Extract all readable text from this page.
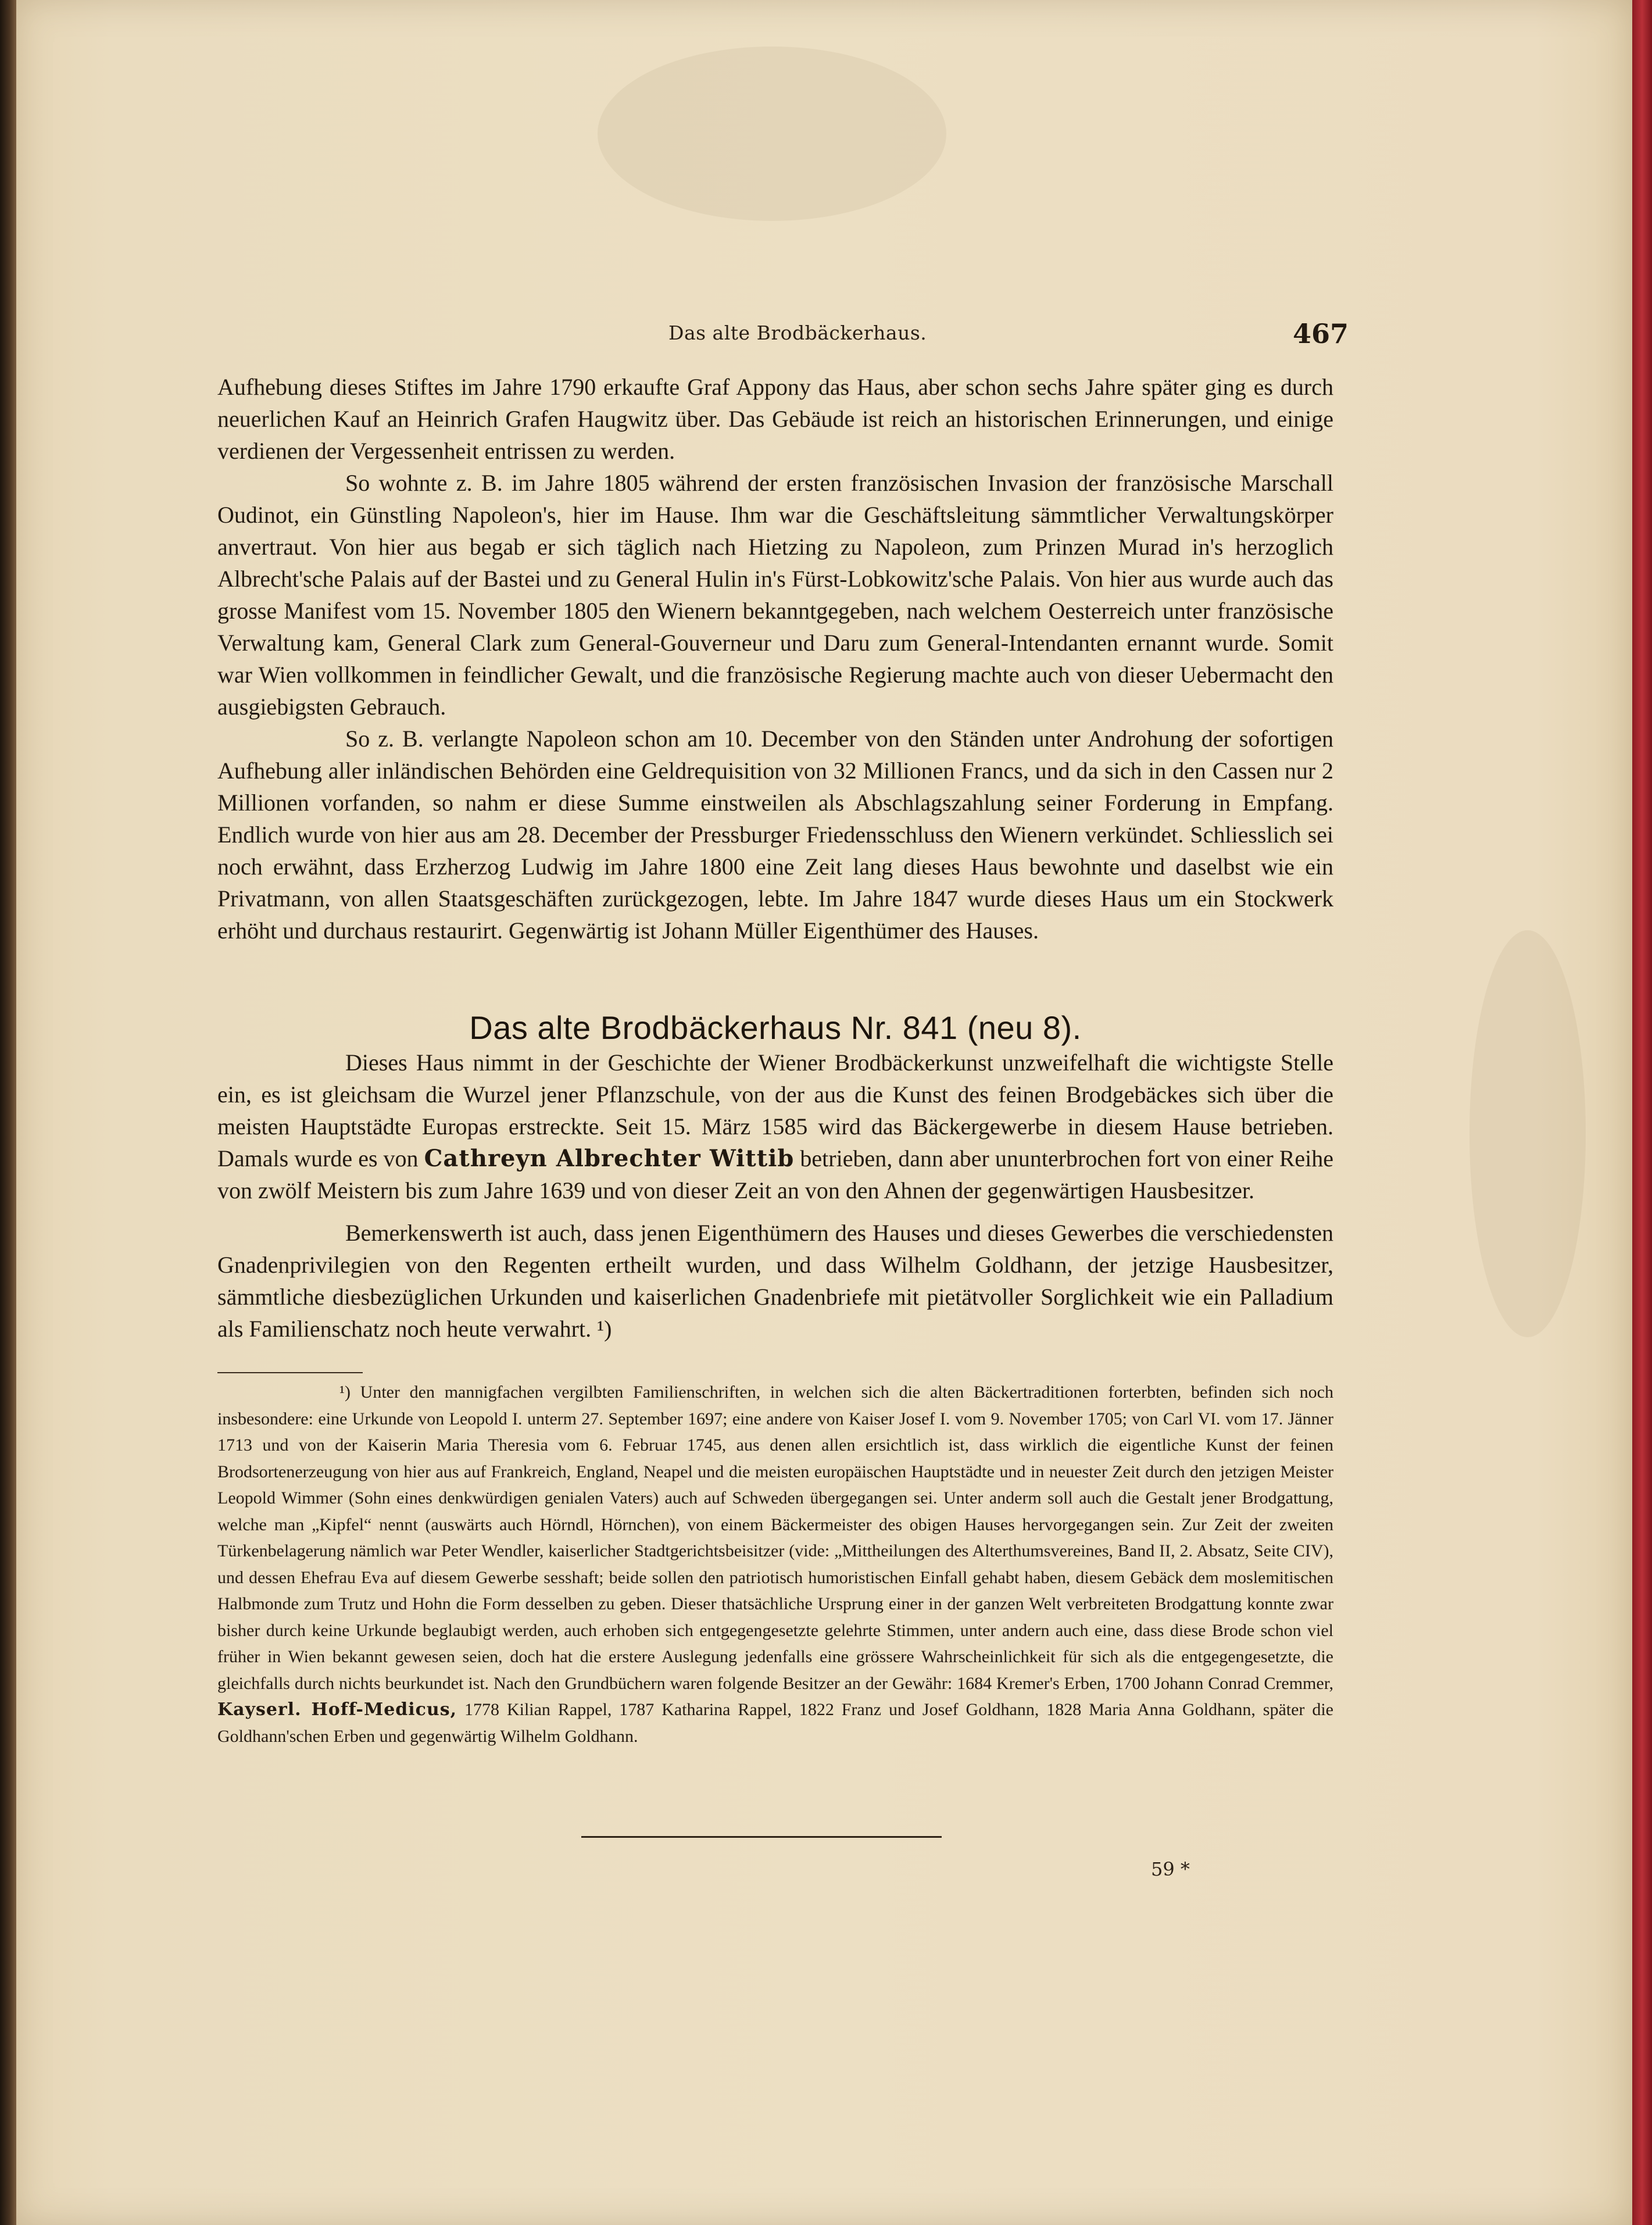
Das alte Brodbäckerhaus.	467

Aufhebung dieses Stiftes im Jahre 1790 erkaufte Graf Appony das Haus, aber schon sechs Jahre später ging es durch neuerlichen Kauf an Heinrich Grafen Haugwitz über. Das Gebäude ist reich an historischen Erinnerungen, und einige verdienen der Vergessenheit entrissen zu werden.

So wohnte z. B. im Jahre 1805 während der ersten französischen Invasion der französische Marschall Oudinot, ein Günstling Napoleon's, hier im Hause. Ihm war die Geschäftsleitung sämmtlicher Verwaltungskörper anvertraut. Von hier aus begab er sich täglich nach Hietzing zu Napoleon, zum Prinzen Murad in's herzoglich Albrecht'sche Palais auf der Bastei und zu General Hulin in's Fürst-Lobkowitz'sche Palais. Von hier aus wurde auch das grosse Manifest vom 15. November 1805 den Wienern bekanntgegeben, nach welchem Oesterreich unter französische Verwaltung kam, General Clark zum General-Gouverneur und Daru zum General-Intendanten ernannt wurde. Somit war Wien vollkommen in feindlicher Gewalt, und die französische Regierung machte auch von dieser Uebermacht den ausgiebigsten Gebrauch.

So z. B. verlangte Napoleon schon am 10. December von den Ständen unter Androhung der sofortigen Aufhebung aller inländischen Behörden eine Geldrequisition von 32 Millionen Francs, und da sich in den Cassen nur 2 Millionen vorfanden, so nahm er diese Summe einstweilen als Abschlagszahlung seiner Forderung in Empfang. Endlich wurde von hier aus am 28. December der Pressburger Friedensschluss den Wienern verkündet. Schliesslich sei noch erwähnt, dass Erzherzog Ludwig im Jahre 1800 eine Zeit lang dieses Haus bewohnte und daselbst wie ein Privatmann, von allen Staatsgeschäften zurückgezogen, lebte. Im Jahre 1847 wurde dieses Haus um ein Stockwerk erhöht und durchaus restaurirt. Gegenwärtig ist Johann Müller Eigenthümer des Hauses.

Das alte Brodbäckerhaus Nr. 841 (neu 8).

Dieses Haus nimmt in der Geschichte der Wiener Brodbäckerkunst unzweifelhaft die wichtigste Stelle ein, es ist gleichsam die Wurzel jener Pflanzschule, von der aus die Kunst des feinen Brodgebäckes sich über die meisten Hauptstädte Europas erstreckte. Seit 15. März 1585 wird das Bäckergewerbe in diesem Hause betrieben. Damals wurde es von Cathreyn Albrechter Wittib betrieben, dann aber ununterbrochen fort von einer Reihe von zwölf Meistern bis zum Jahre 1639 und von dieser Zeit an von den Ahnen der gegenwärtigen Hausbesitzer.

Bemerkenswerth ist auch, dass jenen Eigenthümern des Hauses und dieses Gewerbes die verschiedensten Gnadenprivilegien von den Regenten ertheilt wurden, und dass Wilhelm Goldhann, der jetzige Hausbesitzer, sämmtliche diesbezüglichen Urkunden und kaiserlichen Gnadenbriefe mit pietätvoller Sorglichkeit wie ein Palladium als Familienschatz noch heute verwahrt. ¹)

¹) Unter den mannigfachen vergilbten Familienschriften, in welchen sich die alten Bäckertraditionen forterbten, befinden sich noch insbesondere: eine Urkunde von Leopold I. unterm 27. September 1697; eine andere von Kaiser Josef I. vom 9. November 1705; von Carl VI. vom 17. Jänner 1713 und von der Kaiserin Maria Theresia vom 6. Februar 1745, aus denen allen ersichtlich ist, dass wirklich die eigentliche Kunst der feinen Brodsortenerzeugung von hier aus auf Frankreich, England, Neapel und die meisten europäischen Hauptstädte und in neuester Zeit durch den jetzigen Meister Leopold Wimmer (Sohn eines denkwürdigen genialen Vaters) auch auf Schweden übergegangen sei. Unter anderm soll auch die Gestalt jener Brodgattung, welche man „Kipfel“ nennt (auswärts auch Hörndl, Hörnchen), von einem Bäckermeister des obigen Hauses hervorgegangen sein. Zur Zeit der zweiten Türkenbelagerung nämlich war Peter Wendler, kaiserlicher Stadtgerichtsbeisitzer (vide: „Mittheilungen des Alterthumsvereines, Band II, 2. Absatz, Seite CIV), und dessen Ehefrau Eva auf diesem Gewerbe sesshaft; beide sollen den patriotisch humoristischen Einfall gehabt haben, diesem Gebäck dem moslemitischen Halbmonde zum Trutz und Hohn die Form desselben zu geben. Dieser thatsächliche Ursprung einer in der ganzen Welt verbreiteten Brodgattung konnte zwar bisher durch keine Urkunde beglaubigt werden, auch erhoben sich entgegengesetzte gelehrte Stimmen, unter andern auch eine, dass diese Brode schon viel früher in Wien bekannt gewesen seien, doch hat die erstere Auslegung jedenfalls eine grössere Wahrscheinlichkeit für sich als die entgegengesetzte, die gleichfalls durch nichts beurkundet ist. Nach den Grundbüchern waren folgende Besitzer an der Gewähr: 1684 Kremer's Erben, 1700 Johann Conrad Cremmer, Kayserl. Hoff-Medicus, 1778 Kilian Rappel, 1787 Katharina Rappel, 1822 Franz und Josef Goldhann, 1828 Maria Anna Goldhann, später die Goldhann'schen Erben und gegenwärtig Wilhelm Goldhann.
59 *
